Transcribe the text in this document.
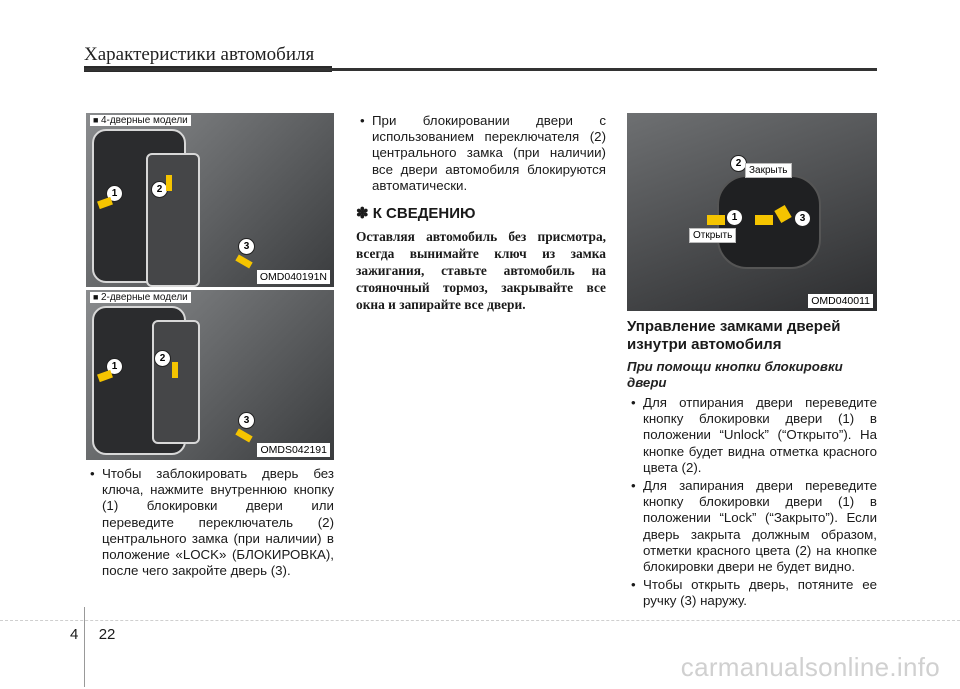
Характеристики автомобиля
■ 4-дверные модели
1	2
3
OMD040191N
■ 2-дверные модели
1
2
3
OMDS042191
• Чтобы заблокировать дверь без ключа, нажмите внутреннюю кнопку (1) блокировки двери или переведите переключатель (2) центрального замка (при наличии) в положение «LOCK» (БЛОКИРОВКА), после чего закройте дверь (3).
• При блокировании двери с использованием переключателя (2) центрального замка (при наличии) все двери автомобиля блокируются автоматически.
✽ К СВЕДЕНИЮ
Оставляя автомобиль без присмотра, всегда вынимайте ключ из замка зажигания, ставьте автомобиль на стояночный тормоз, закрывайте все окна и запирайте все двери.
2
1	3
Закрыть
Открыть
OMD040011
Управление замками дверей изнутри автомобиля
При помощи кнопки блокировки двери
• Для отпирания двери переведите кнопку блокировки двери (1) в положении “Unlock” (“Открыто”). На кнопке будет видна отметка красного цвета (2).
• Для запирания двери переведите кнопку блокировки двери (1) в положении “Lock” (“Закрыто”). Если дверь закрыта должным образом, отметки красного цвета (2) на кнопке блокировки двери не будет видно.
• Чтобы открыть дверь, потяните ее ручку (3) наружу.
4 22
carmanualsonline.info
